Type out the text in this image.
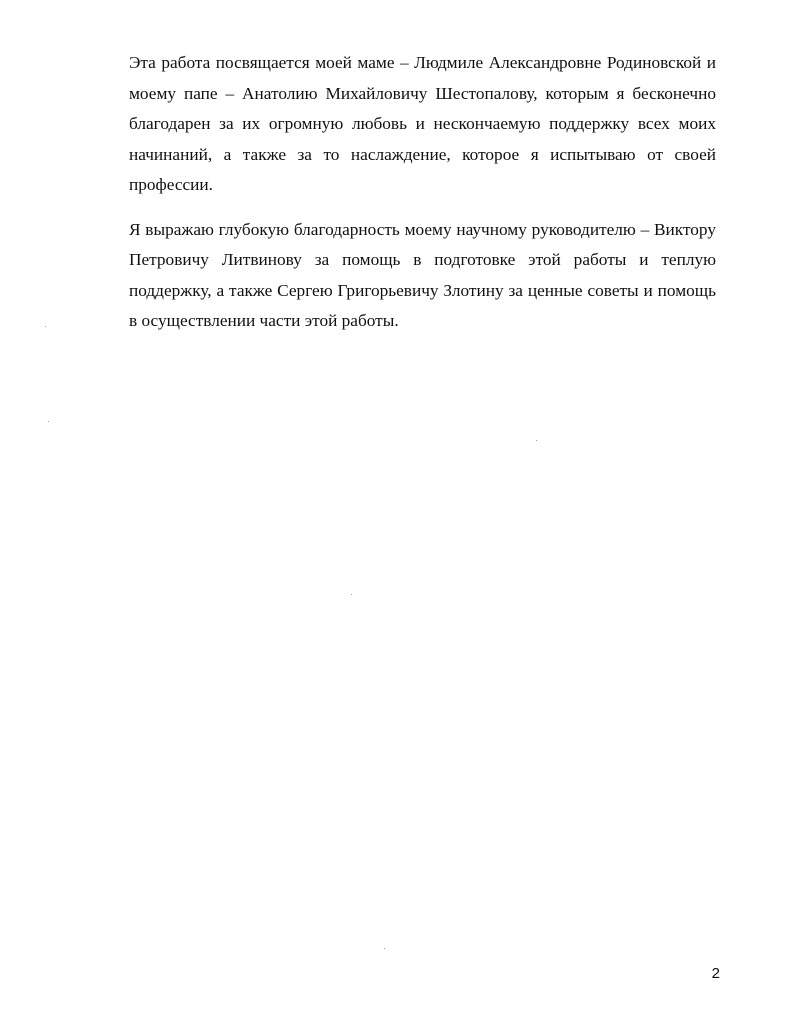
Эта работа посвящается моей маме – Людмиле Александровне Родиновской и моему папе – Анатолию Михайловичу Шестопалову, которым я бесконечно благодарен за их огромную любовь и нескончаемую поддержку всех моих начинаний, а также за то наслаждение, которое я испытываю от своей профессии.

Я выражаю глубокую благодарность моему научному руководителю – Виктору Петровичу Литвинову за помощь в подготовке этой работы и теплую поддержку, а также Сергею Григорьевичу Злотину за ценные советы и помощь в осуществлении части этой работы.

2
